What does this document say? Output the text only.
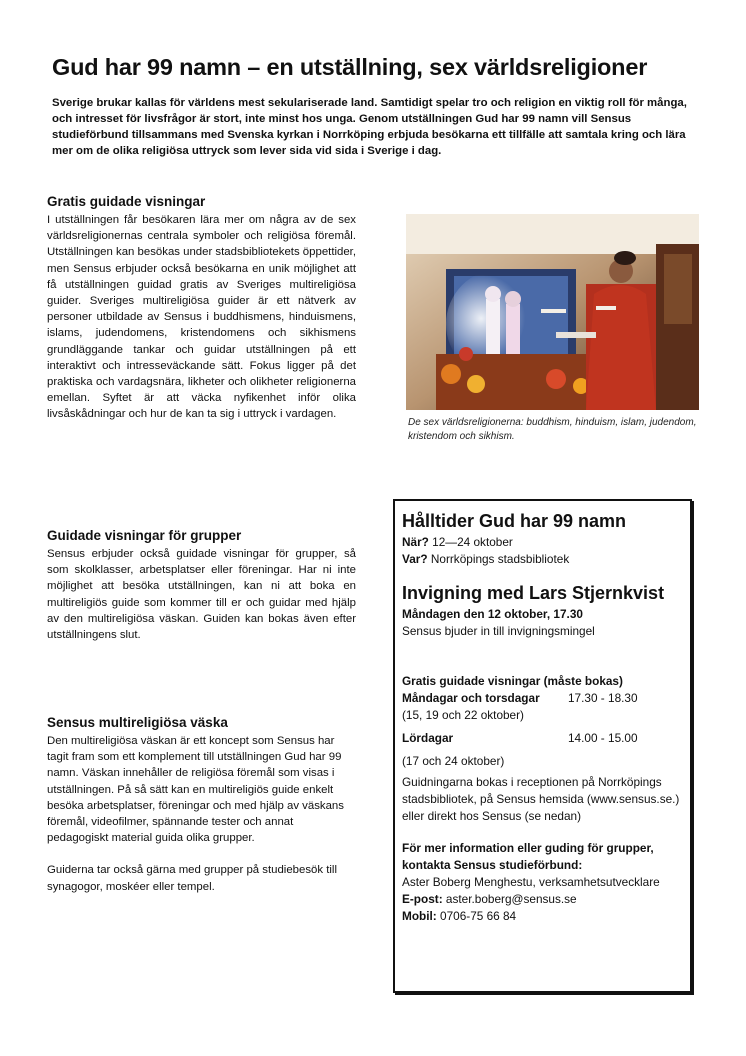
Gud har 99 namn – en utställning, sex världsreligioner
Sverige brukar kallas för världens mest sekulariserade land. Samtidigt spelar tro och religion en viktig roll för många, och intresset för livsfrågor är stort, inte minst hos unga. Genom utställningen Gud har 99 namn vill Sensus studieförbund tillsammans med Svenska kyrkan i Norrköping erbjuda besökarna ett tillfälle att samtala kring och lära mer om de olika religiösa uttryck som lever sida vid sida i Sverige i dag.
Gratis guidade visningar

I utställningen får besökaren lära mer om några av de sex världsreligionernas centrala symboler och religiösa föremål. Utställningen kan besökas under stadsbibliotekets öppettider, men Sensus erbjuder också besökarna en unik möjlighet att få utställningen guidad gratis av Sveriges multireligiösa guider. Sveriges multireligiösa guider är ett nätverk av personer utbildade av Sensus i buddhismens, hinduismens, islams, judendomens, kristendomens och sikhismens grundläggande tankar och guidar utställningen på ett interaktivt och intresseväckande sätt. Fokus ligger på det praktiska och vardagsnära, likheter och olikheter religionerna emellan. Syftet är att väcka nyfikenhet inför olika livsåskådningar och hur de kan ta sig i uttryck i vardagen.

Guidade visningar för grupper

Sensus erbjuder också guidade visningar för grupper, så som skolklasser, arbetsplatser eller föreningar. Har ni inte möjlighet att besöka utställningen, kan ni att boka en multireligiös guide som kommer till er och guidar med hjälp av den multireligiösa väskan. Guiden kan bokas även efter utställningens slut.

Sensus multireligiösa väska

Den multireligiösa väskan är ett koncept som Sensus har tagit fram som ett komplement till utställningen Gud har 99 namn. Väskan innehåller de religiösa föremål som visas i utställningen. På så sätt kan en multireligiös guide enkelt besöka arbetsplatser, föreningar och med hjälp av väskans föremål, videofilmer, spännande tester och annat pedagogiskt material guida olika grupper.

Guiderna tar också gärna med grupper på studiebesök till synagogor, moskéer eller tempel.

De sex världsreligionerna: buddhism, hinduism, islam, judendom, kristendom och sikhism.
Hålltider Gud har 99 namn

När? 12—24 oktober

Var? Norrköpings stadsbibliotek

Invigning med Lars Stjernkvist

Måndagen den 12 oktober, 17.30

Sensus bjuder in till invigningsmingel

Gratis guidade visningar (måste bokas)

Måndagar och torsdagar 17.30 - 18.30

(15, 19 och 22 oktober)

Lördagar	14.00 - 15.00

(17 och 24 oktober)

Guidningarna bokas i receptionen på Norrköpings stadsbibliotek, på Sensus hemsida (www.sensus.se.) eller direkt hos Sensus (se nedan)

För mer information eller guding för grupper, kontakta Sensus studieförbund:

Aster Boberg Menghestu, verksamhetsutvecklare

E-post: aster.boberg@sensus.se

Mobil: 0706-75 66 84
